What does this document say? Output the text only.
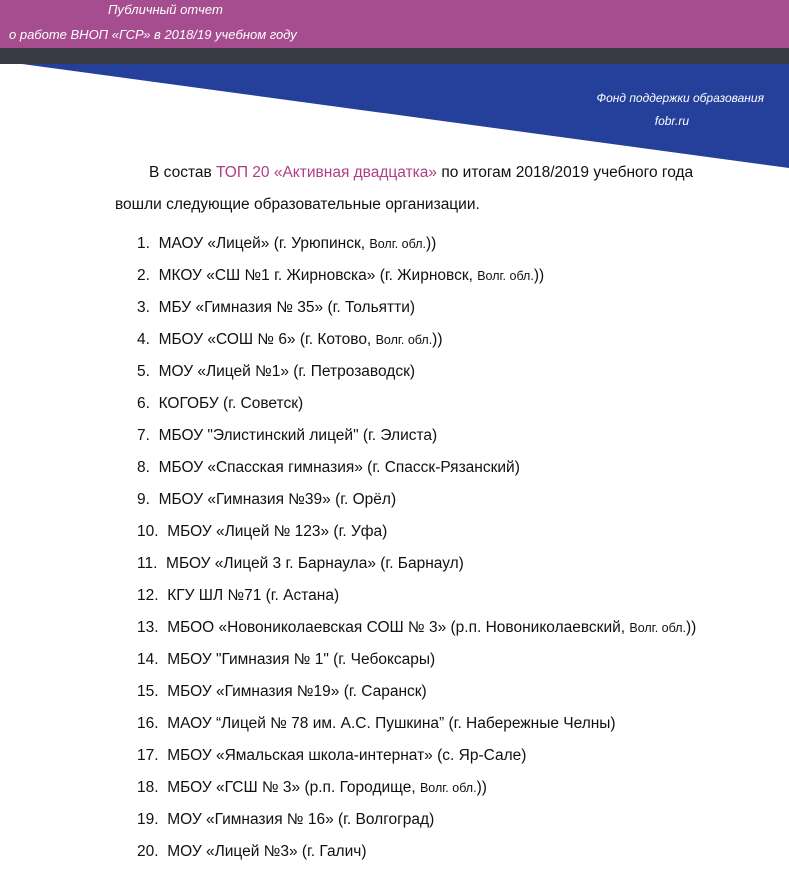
Публичный отчет
о работе ВНОП «ГСР» в 2018/19 учебном году
Фонд поддержки образования
fobr.ru
В состав ТОП 20 «Активная двадцатка» по итогам 2018/2019 учебного года
вошли следующие образовательные организации.
1. МАОУ «Лицей» (г. Урюпинск, Волг. обл.))
2. МКОУ «СШ №1 г. Жирновска» (г. Жирновск, Волг. обл.))
3. МБУ «Гимназия № 35» (г. Тольятти)
4. МБОУ «СОШ № 6» (г. Котово, Волг. обл.))
5. МОУ «Лицей №1» (г. Петрозаводск)
6. КОГОБУ (г. Советск)
7. МБОУ "Элистинский лицей" (г. Элиста)
8. МБОУ «Спасская гимназия» (г. Спасск-Рязанский)
9. МБОУ «Гимназия №39» (г. Орёл)
10. МБОУ «Лицей № 123» (г. Уфа)
11. МБОУ «Лицей 3 г. Барнаула» (г. Барнаул)
12. КГУ ШЛ №71 (г. Астана)
13. МБОО «Новониколаевская СОШ № 3» (р.п. Новониколаевский, Волг. обл.))
14. МБОУ "Гимназия № 1" (г. Чебоксары)
15. МБОУ «Гимназия №19» (г. Саранск)
16. МАОУ “Лицей № 78 им. А.С. Пушкина” (г. Набережные Челны)
17. МБОУ «Ямальская школа-интернат» (с. Яр-Сале)
18. МБОУ «ГСШ № 3» (р.п. Городище, Волг. обл.))
19. МОУ «Гимназия № 16» (г. Волгоград)
20. МОУ «Лицей №3» (г. Галич)
